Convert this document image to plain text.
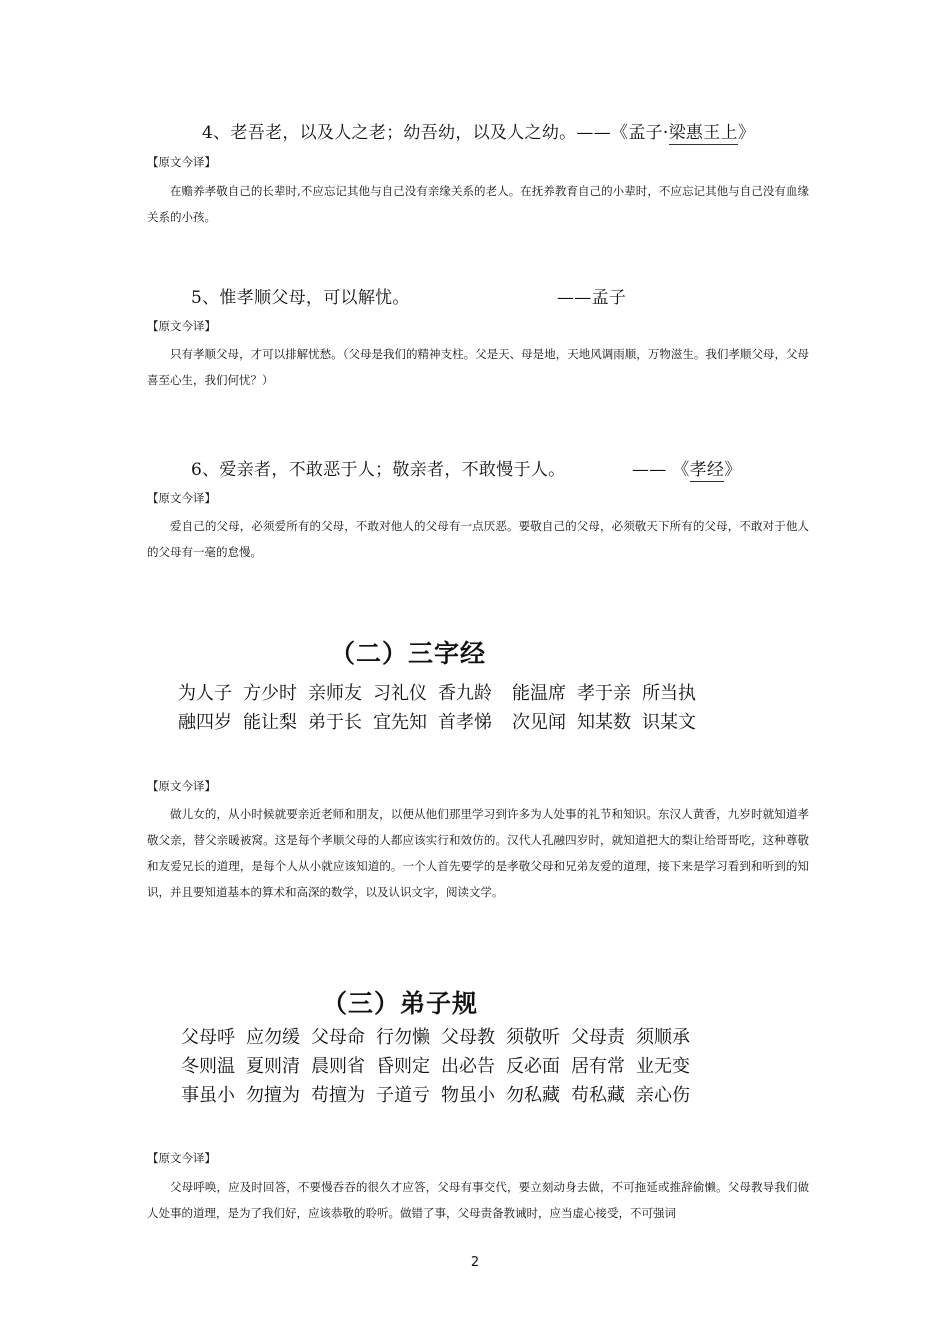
4、老吾老，以及人之老；幼吾幼，以及人之幼。——《孟子·梁惠王上》
【原文今译】
在赡养孝敬自己的长辈时,不应忘记其他与自己没有亲缘关系的老人。在抚养教育自己的小辈时，不应忘记其他与自己没有血缘关系的小孩。
5、惟孝顺父母，可以解忧。	——孟子
【原文今译】
只有孝顺父母，才可以排解忧愁。（父母是我们的精神支柱。父是天、母是地，天地风调雨顺，万物滋生。我们孝顺父母，父母喜至心生，我们何忧？）
6、爱亲者，不敢恶于人；敬亲者，不敢慢于人。	—— 《孝经》
【原文今译】
爱自己的父母，必须爱所有的父母，不敢对他人的父母有一点厌恶。要敬自己的父母，必须敬天下所有的父母，不敢对于他人的父母有一毫的怠慢。
（二）三字经
为人子 方少时 亲师友 习礼仪 香九龄 能温席 孝于亲 所当执
融四岁 能让梨 弟于长 宜先知 首孝悌 次见闻 知某数 识某文
【原文今译】
做儿女的，从小时候就要亲近老师和朋友，以便从他们那里学习到许多为人处事的礼节和知识。东汉人黄香，九岁时就知道孝敬父亲，替父亲暖被窝。这是每个孝顺父母的人都应该实行和效仿的。汉代人孔融四岁时，就知道把大的梨让给哥哥吃，这种尊敬和友爱兄长的道理，是每个人从小就应该知道的。一个人首先要学的是孝敬父母和兄弟友爱的道理，接下来是学习看到和听到的知识，并且要知道基本的算术和高深的数学，以及认识文字，阅读文学。
（三）弟子规
父母呼 应勿缓 父母命 行勿懒 父母教 须敬听 父母责 须顺承
冬则温 夏则清 晨则省 昏则定 出必告 反必面 居有常 业无变
事虽小 勿擅为 苟擅为 子道亏 物虽小 勿私藏 苟私藏 亲心伤
【原文今译】
父母呼唤，应及时回答，不要慢吞吞的很久才应答，父母有事交代，要立刻动身去做，不可拖延或推辞偷懒。父母教导我们做人处事的道理，是为了我们好，应该恭敬的聆听。做错了事，父母责备教诫时，应当虚心接受，不可强词
2
